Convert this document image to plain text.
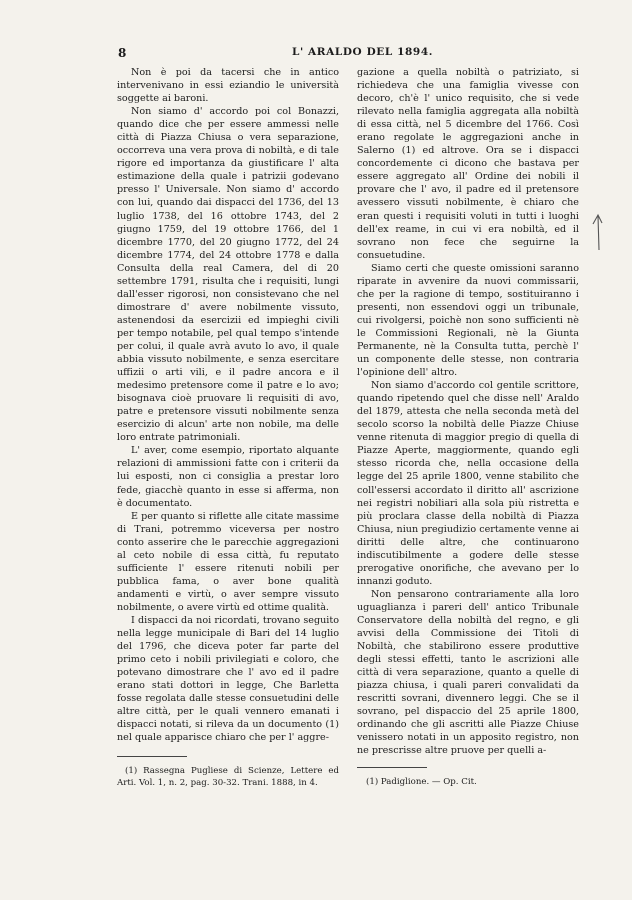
8	L' ARALDO DEL 1894.

Non è poi da tacersi che in antico intervenivano in essi eziandio le università soggette ai baroni.

Non siamo d' accordo poi col Bonazzi, quando dice che per essere ammessi nelle città di Piazza Chiusa o vera separazione, occorreva una vera prova di nobiltà, e di tale rigore ed importanza da giustificare l' alta estimazione della quale i patrizii godevano presso l' Universale. Non siamo d' accordo con lui, quando dai dispacci del 1736, del 13 luglio 1738, del 16 ottobre 1743, del 2 giugno 1759, del 19 ottobre 1766, del 1 dicembre 1770, del 20 giugno 1772, del 24 dicembre 1774, del 24 ottobre 1778 e dalla Consulta della real Camera, del di 20 settembre 1791, risulta che i requisiti, lungi dall'esser rigorosi, non consistevano che nel dimostrare d' avere nobilmente vissuto, astenendosi da esercizii ed impieghi civili per tempo notabile, pel qual tempo s'intende per colui, il quale avrà avuto lo avo, il quale abbia vissuto nobilmente, e senza esercitare uffizii o arti vili, e il padre ancora e il medesimo pretensore come il patre e lo avo; bisognava cioè pruovare li requisiti di avo, patre e pretensore vissuti nobilmente senza esercizio di alcun' arte non nobile, ma delle loro entrate patrimoniali.

L' aver, come esempio, riportato alquante relazioni di ammissioni fatte con i criterii da lui esposti, non ci consiglia a prestar loro fede, giacchè quanto in esse si afferma, non è documentato.

E per quanto si riflette alle citate massime di Trani, potremmo viceversa per nostro conto asserire che le parecchie aggregazioni al ceto nobile di essa città, fu reputato sufficiente l' essere ritenuti nobili per pubblica fama, o aver bone qualità andamenti e virtù, o aver sempre vissuto nobilmente, o avere virtù ed ottime qualità.

I dispacci da noi ricordati, trovano seguito nella legge municipale di Bari del 14 luglio del 1796, che diceva poter far parte del primo ceto i nobili privilegiati e coloro, che potevano dimostrare che l' avo ed il padre erano stati dottori in legge, Che Barletta fosse regolata dalle stesse consuetudini delle altre città, per le quali vennero emanati i dispacci notati, si rileva da un documento (1) nel quale apparisce chiaro che per l' aggre-

gazione a quella nobiltà o patriziato, si richiedeva che una famiglia vivesse con decoro, ch'è l' unico requisito, che si vede rilevato nella famiglia aggregata alla nobiltà di essa città, nel 5 dicembre del 1766. Così erano regolate le aggregazioni anche in Salerno (1) ed altrove. Ora se i dispacci concordemente ci dicono che bastava per essere aggregato all' Ordine dei nobili il provare che l' avo, il padre ed il pretensore avessero vissuti nobilmente, è chiaro che eran questi i requisiti voluti in tutti i luoghi dell'ex reame, in cui vi era nobiltà, ed il sovrano non fece che seguirne la consuetudine.

Siamo certi che queste omissioni saranno riparate in avvenire da nuovi commissarii, che per la ragione di tempo, sostituiranno i presenti, non essendovi oggi un tribunale, cui rivolgersi, poichè non sono sufficienti nè le Commissioni Regionali, nè la Giunta Permanente, nè la Consulta tutta, perchè l' un componente delle stesse, non contraria l'opinione dell' altro.

Non siamo d'accordo col gentile scrittore, quando ripetendo quel che disse nell' Araldo del 1879, attesta che nella seconda metà del secolo scorso la nobiltà delle Piazze Chiuse venne ritenuta di maggior pregio di quella di Piazze Aperte, maggiormente, quando egli stesso ricorda che, nella occasione della legge del 25 aprile 1800, venne stabilito che coll'essersi accordato il diritto all' ascrizione nei registri nobiliari alla sola più ristretta e più proclara classe della nobiltà di Piazza Chiusa, niun pregiudizio certamente venne ai diritti delle altre, che continuarono indiscutibilmente a godere delle stesse prerogative onorifiche, che avevano per lo innanzi goduto.

Non pensarono contrariamente alla loro uguaglianza i pareri dell' antico Tribunale Conservatore della nobiltà del regno, e gli avvisi della Commissione dei Titoli di Nobiltà, che stabilirono essere produttive degli stessi effetti, tanto le ascrizioni alle città di vera separazione, quanto a quelle di piazza chiusa, i quali pareri convalidati da rescritti sovrani, divennero leggi. Che se il sovrano, pel dispaccio del 25 aprile 1800, ordinando che gli ascritti alle Piazze Chiuse venissero notati in un apposito registro, non ne prescrisse altre pruove per quelli a-

(1) Rassegna Pugliese di Scienze, Lettere ed Arti. Vol. 1, n. 2, pag. 30-32. Trani. 1888, in 4.	(1) Padiglione. — Op. Cit.
